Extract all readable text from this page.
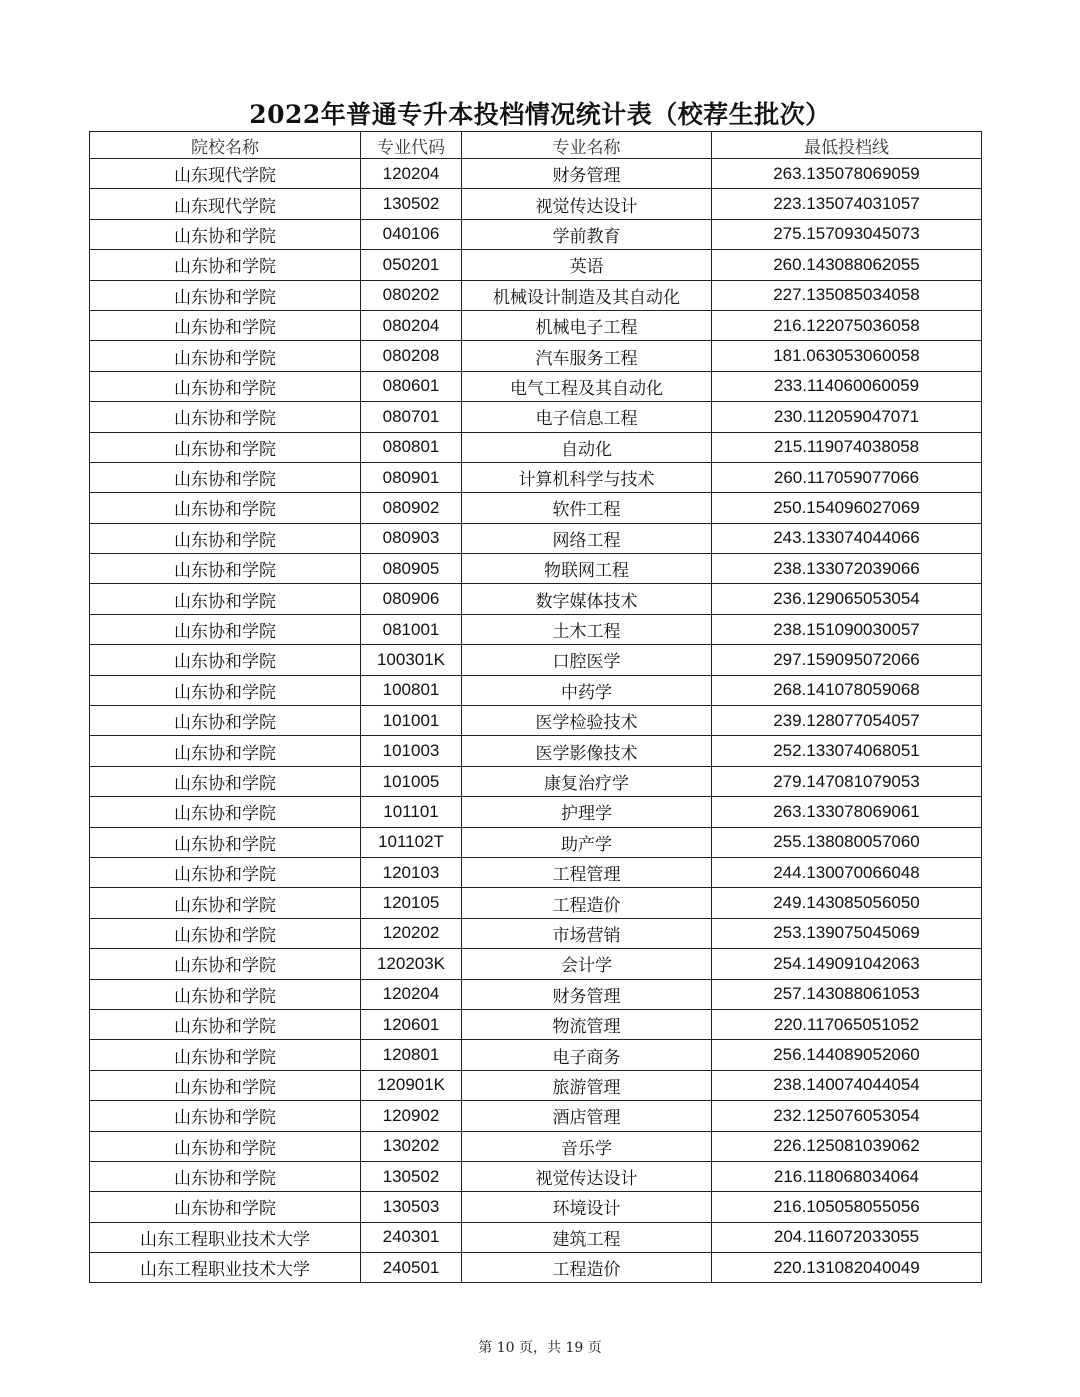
2022年普通专升本投档情况统计表（校荐生批次）
院校名称	专业代码	专业名称	最低投档线
山东现代学院	120204	财务管理	263.135078069059
山东现代学院	130502	视觉传达设计	223.135074031057
山东协和学院	040106	学前教育	275.157093045073
山东协和学院	050201	英语	260.143088062055
山东协和学院	080202	机械设计制造及其自动化	227.135085034058
山东协和学院	080204	机械电子工程	216.122075036058
山东协和学院	080208	汽车服务工程	181.063053060058
山东协和学院	080601	电气工程及其自动化	233.114060060059
山东协和学院	080701	电子信息工程	230.112059047071
山东协和学院	080801	自动化	215.119074038058
山东协和学院	080901	计算机科学与技术	260.117059077066
山东协和学院	080902	软件工程	250.154096027069
山东协和学院	080903	网络工程	243.133074044066
山东协和学院	080905	物联网工程	238.133072039066
山东协和学院	080906	数字媒体技术	236.129065053054
山东协和学院	081001	土木工程	238.151090030057
山东协和学院	100301K	口腔医学	297.159095072066
山东协和学院	100801	中药学	268.141078059068
山东协和学院	101001	医学检验技术	239.128077054057
山东协和学院	101003	医学影像技术	252.133074068051
山东协和学院	101005	康复治疗学	279.147081079053
山东协和学院	101101	护理学	263.133078069061
山东协和学院	101102T	助产学	255.138080057060
山东协和学院	120103	工程管理	244.130070066048
山东协和学院	120105	工程造价	249.143085056050
山东协和学院	120202	市场营销	253.139075045069
山东协和学院	120203K	会计学	254.149091042063
山东协和学院	120204	财务管理	257.143088061053
山东协和学院	120601	物流管理	220.117065051052
山东协和学院	120801	电子商务	256.144089052060
山东协和学院	120901K	旅游管理	238.140074044054
山东协和学院	120902	酒店管理	232.125076053054
山东协和学院	130202	音乐学	226.125081039062
山东协和学院	130502	视觉传达设计	216.118068034064
山东协和学院	130503	环境设计	216.105058055056
山东工程职业技术大学	240301	建筑工程	204.116072033055
山东工程职业技术大学	240501	工程造价	220.131082040049
第 10 页，共 19 页
